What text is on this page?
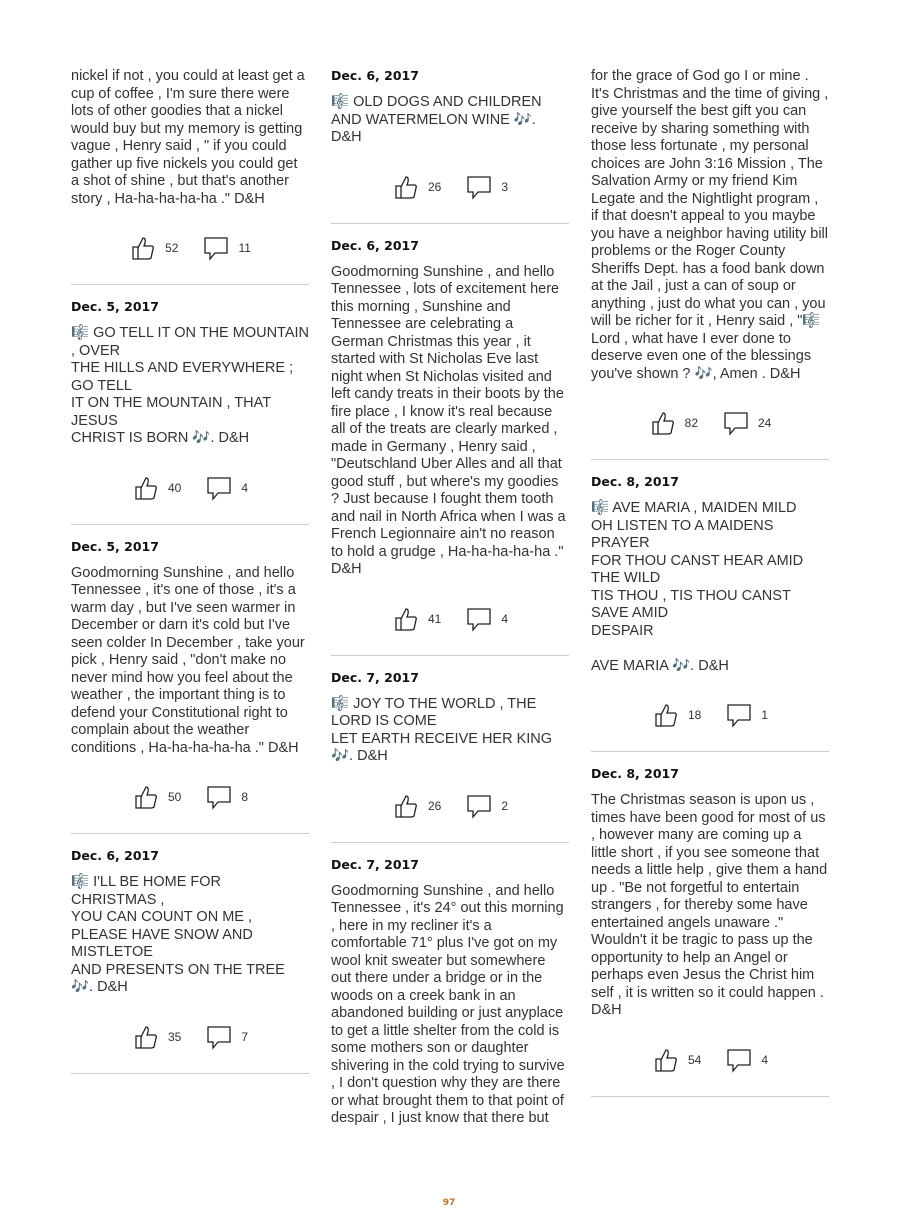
nickel if not , you could at least get a cup of coffee , I'm sure there were lots of other goodies that a nickel would buy but my memory is getting vague , Henry said , " if you could gather up five nickels you could get a shot of shine , but that's another story , Ha-ha-ha-ha-ha ." D&H

52	11

Dec. 5, 2017

🎼 GO TELL IT ON THE MOUNTAIN , OVER
THE HILLS AND EVERYWHERE ; GO TELL
IT ON THE MOUNTAIN , THAT JESUS
CHRIST IS BORN 🎶. D&H

40	4

Dec. 5, 2017

Goodmorning Sunshine , and hello Tennessee , it's one of those , it's a warm day , but I've seen warmer in December or darn it's cold but I've seen colder In December , take your pick , Henry said , "don't make no never mind how you feel about the weather , the important thing is to defend your Constitutional right to complain about the weather conditions , Ha-ha-ha-ha-ha ." D&H

50	8

Dec. 6, 2017

🎼 I'LL BE HOME FOR CHRISTMAS ,
YOU CAN COUNT ON ME ,
PLEASE HAVE SNOW AND MISTLETOE
AND PRESENTS ON THE TREE 🎶. D&H

35	7

Dec. 6, 2017

🎼 OLD DOGS AND CHILDREN AND WATERMELON WINE 🎶. D&H

26	3

Dec. 6, 2017

Goodmorning Sunshine , and hello Tennessee , lots of excitement here this morning , Sunshine and Tennessee are celebrating a German Christmas this year , it started with St Nicholas Eve last night when St Nicholas visited and left candy treats in their boots by the fire place , I know it's real because all of the treats are clearly marked , made in Germany , Henry said , "Deutschland Uber Alles and all that good stuff , but where's my goodies ? Just because I fought them tooth and nail in North Africa when I was a French Legionnaire ain't no reason to hold a grudge , Ha-ha-ha-ha-ha ." D&H

41	4

Dec. 7, 2017

🎼 JOY TO THE WORLD , THE LORD IS COME
LET EARTH RECEIVE HER KING 🎶. D&H

26	2

Dec. 7, 2017

Goodmorning Sunshine , and hello Tennessee , it's 24° out this morning , here in my recliner it's a comfortable 71° plus I've got on my wool knit sweater but somewhere out there under a bridge or in the woods on a creek bank in an abandoned building or just anyplace to get a little shelter from the cold is some mothers son or daughter shivering in the cold trying to survive , I don't question why they are there or what brought them to that point of despair , I just know that there but

for the grace of God go I or mine . It's Christmas and the time of giving , give yourself the best gift you can receive by sharing something with those less fortunate , my personal choices are John 3:16 Mission , The Salvation Army or my friend Kim Legate and the Nightlight program , if that doesn't appeal to you maybe you have a neighbor having utility bill problems or the Roger County Sheriffs Dept. has a food bank down at the Jail , just a can of soup or anything , just do what you can , you will be richer for it , Henry said , "🎼 Lord , what have I ever done to deserve even one of the blessings you've shown ? 🎶, Amen . D&H

82	24

Dec. 8, 2017

🎼 AVE MARIA , MAIDEN MILD
OH LISTEN TO A MAIDENS PRAYER
FOR THOU CANST HEAR AMID THE WILD
TIS THOU , TIS THOU CANST SAVE AMID
DESPAIR

AVE MARIA 🎶. D&H

18	1

Dec. 8, 2017

The Christmas season is upon us , times have been good for most of us , however many are coming up a little short , if you see someone that needs a little help , give them a hand up . "Be not forgetful to entertain strangers , for thereby some have entertained angels unaware ." Wouldn't it be tragic to pass up the opportunity to help an Angel or perhaps even Jesus the Christ him self , it is written so it could happen . D&H

54	4
97
